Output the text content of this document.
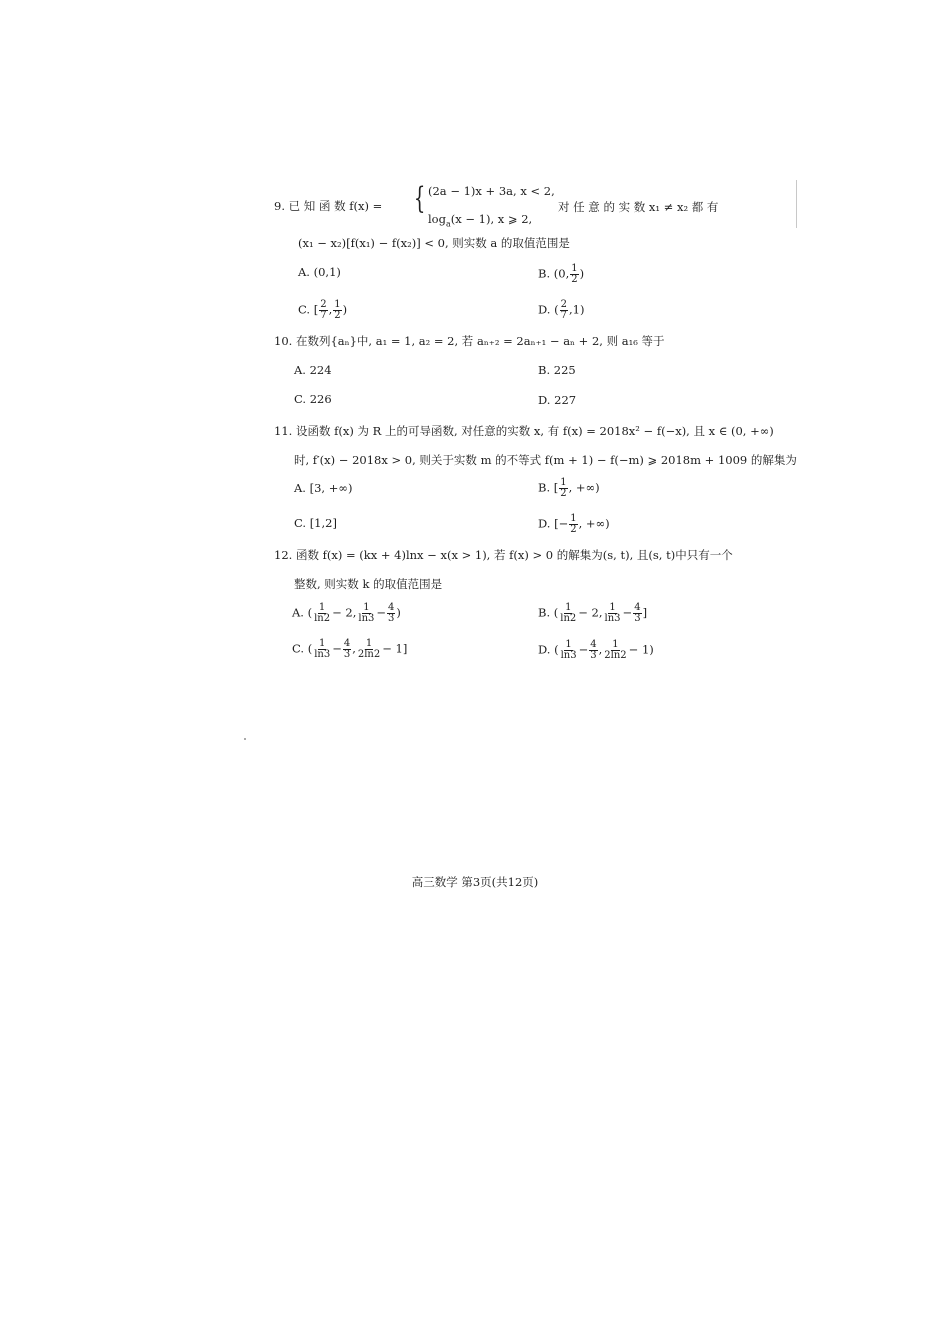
9. 已 知 函 数 f(x) = { (2a − 1)x + 3a, x < 2,
$\log_a(x - 1)$, x ⩾ 2,
对 任 意 的 实 数 x₁ ≠ x₂ 都 有
(x₁ − x₂)[f(x₁) − f(x₂)] < 0, 则实数 a 的取值范围是
A. (0,1)	B. (0, $\frac{1}{2}$ )
C. [ $\frac{2}{7}$ , $\frac{1}{2}$ )	D. ( $\frac{2}{7} ,1$)
10. 在数列{aₙ}中, a₁ = 1, a₂ = 2, 若 aₙ₊₂ = 2aₙ₊₁ − aₙ + 2, 则 a₁₆ 等于
A. 224	B. 225
C. 226	D. 227
11. 设函数 f(x) 为 R 上的可导函数, 对任意的实数 x, 有 f(x) = 2018x² − f(−x), 且 x ∈ (0, +∞)
时, f′(x) − 2018x > 0, 则关于实数 m 的不等式 f(m + 1) − f(−m) ⩾ 2018m + 1009 的解集为
A. [3, +∞)	B. [ $\frac{1}{2}$ , +∞)
C. [1,2]	D. [− $\frac{1}{2}$ , +∞)
12. 函数 f(x) = (kx + 4)lnx − x(x > 1), 若 f(x) > 0 的解集为(s, t), 且(s, t)中只有一个
整数, 则实数 k 的取值范围是
A. ( $\frac{1}{\ln 2} - 2$, $\frac{1}{\ln 3} - \frac{4}{3}$ )	B. ( $\frac{1}{\ln 2} - 2$, $\frac{1}{\ln 3} - \frac{4}{3}$ ]
C. ( $\frac{1}{\ln 3} - \frac{4}{3}$ , $\frac{1}{2\ln 2} - 1$]	D. ( $\frac{1}{\ln 3} - \frac{4}{3}$ , $\frac{1}{2\ln 2} - 1$)
高三数学 第3页(共12页)
